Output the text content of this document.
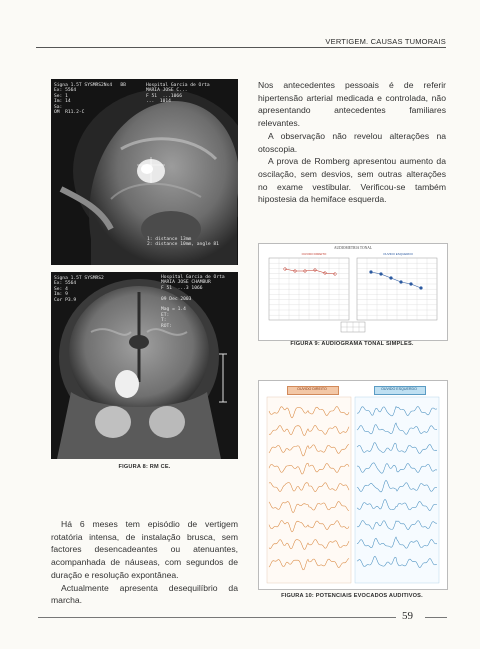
VERTIGEM. CAUSAS TUMORAIS
Signa 1.5T SYSMRS2Ns4   BB
Ex: 5564
Se: 1
Im: 14
Sa:
OM  R11.2-C
Hospital Garcia de Orta
MARIA JOSE C...
F 51  ...1066
...  1014
1: distance 13mm
2: distance 10mm, angle 81
Signa 1.5T SYSMRS2
Ex: 5564
Se: 4
Im: 9
Cor P3.9
Hospital Garcia de Orta
MARIA JOSE CHAMBUR
F 51  ...3 1066

09 Dec 2003

Mag = 1.4
ET:
T:
ROT:
FIGURA 8: RM CE.

Nos antecedentes pessoais é de referir hipertensão arterial medicada e controlada, não apresentando antecedentes familiares relevantes.

A observação não revelou alterações na otoscopia.

A prova de Romberg apresentou aumento da oscilação, sem desvios, sem outras alterações no exame vestibular. Verificou-se também hipostesia da hemiface esquerda.

AUDIOMETRIA TONAL
OUVIDO DIREITO	OUVIDO ESQUERDO
FIGURA 9: AUDIOGRAMA TONAL SIMPLES.
OUVIDO DIREITO	OUVIDO ESQUERDO
FIGURA 10: POTENCIAIS EVOCADOS AUDITIVOS.

Há 6 meses tem episódio de vertigem rotatória intensa, de instalação brusca, sem factores desencadeantes ou atenuantes, acompanhada de náuseas, com segundos de duração e resolução expontânea.

Actualmente apresenta desequilíbrio da marcha.

59
